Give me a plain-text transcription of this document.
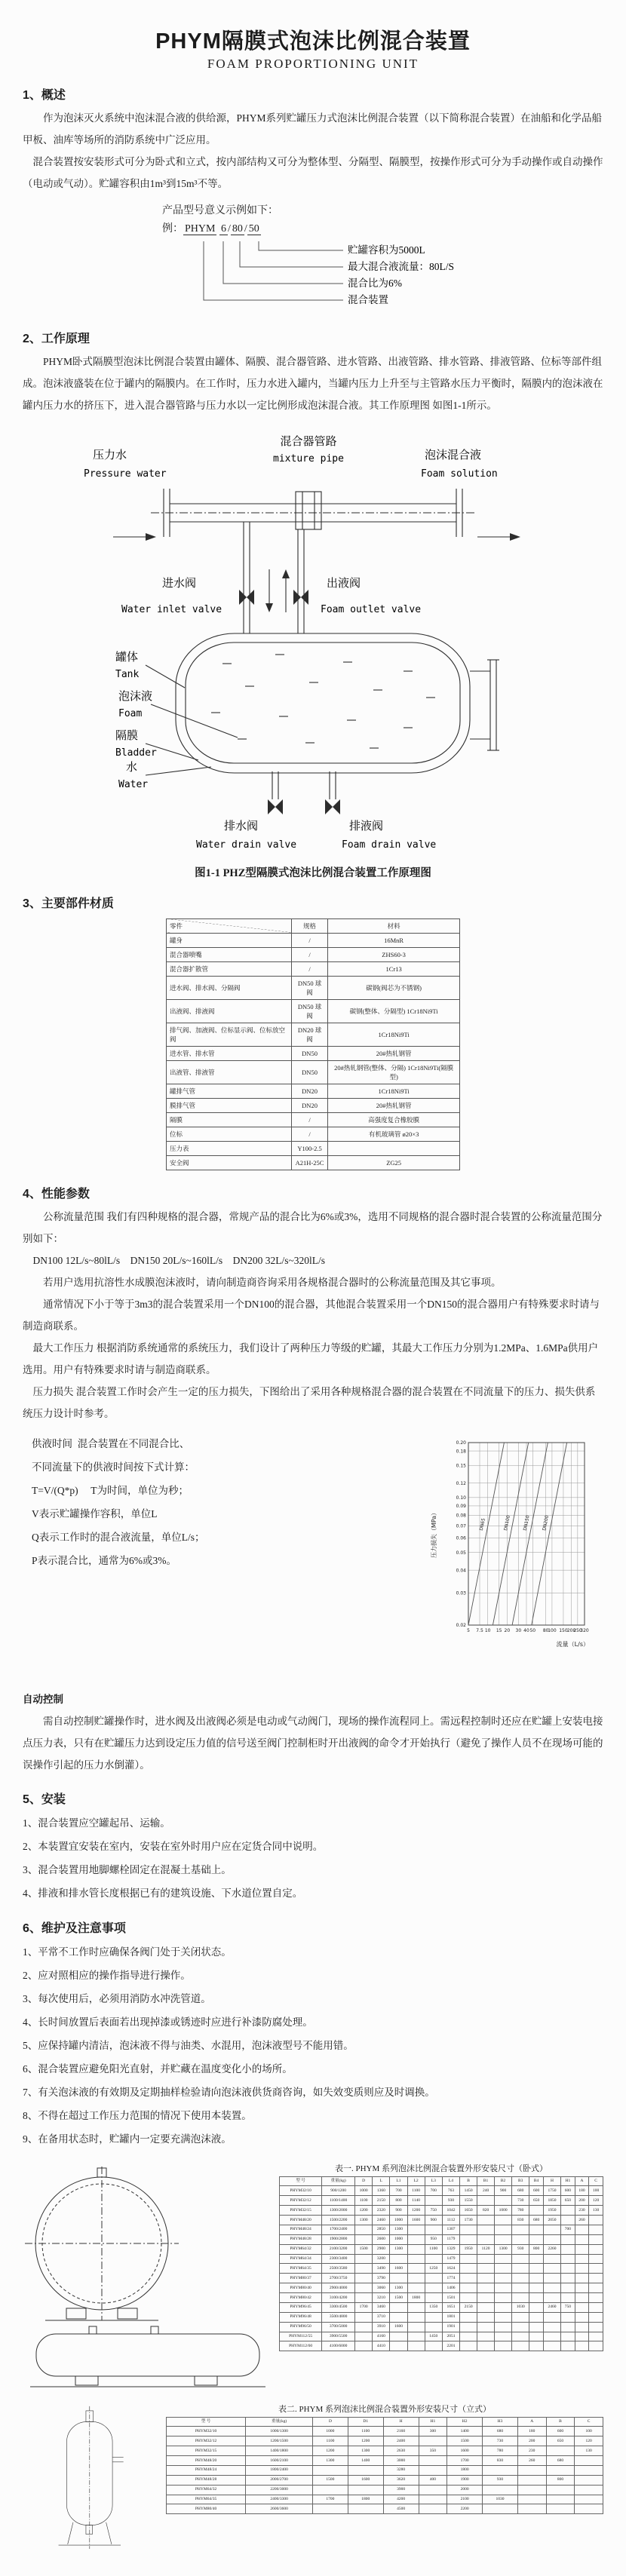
PHYM隔膜式泡沫比例混合装置
FOAM PROPORTIONING UNIT
1、概述

作为泡沫灭火系统中泡沫混合液的供给源，PHYM系列贮罐压力式泡沫比例混合装置（以下简称混合装置）在油船和化学品船甲板、油库等场所的消防系统中广泛应用。

混合装置按安装形式可分为卧式和立式，按内部结构又可分为整体型、分隔型、隔膜型，按操作形式可分为手动操作或自动操作（电动或气动）。贮罐容积由1m³到15m³不等。

产品型号意义示例如下：
例： PHYM 6 / 80 / 50
贮罐容积为5000L
最大混合液流量：80L/S
混合比为6%
混合装置
2、工作原理

PHYM卧式隔膜型泡沫比例混合装置由罐体、隔膜、混合器管路、进水管路、出液管路、排水管路、排液管路、位标等部件组成。泡沫液盛装在位于罐内的隔膜内。在工作时，压力水进入罐内，当罐内压力上升至与主管路水压力平衡时，隔膜内的泡沫液在罐内压力水的挤压下，进入混合器管路与压力水以一定比例形成泡沫混合液。其工作原理图 如图1-1所示。

混合器管路
mixture pipe
压力水
Pressure water
泡沫混合液
Foam solution
进水阀
Water inlet valve
出液阀
Foam outlet valve
罐体
Tank
泡沫液
Foam
隔膜
Bladder
水
Water
排水阀
Water drain valve
排液阀
Foam drain valve
图1-1 PHZ型隔膜式泡沫比例混合装置工作原理图
3、主要部件材质
零件	规格	材料
罐身	/	16MnR
混合器喷嘴	/	ZHS60-3
混合器扩散管	/	1Cr13
进水阀、排水阀、分隔阀	DN50 球阀	碳钢(阀芯为不锈钢)
出液阀、排液阀	DN50 球阀	碳钢(整体、分隔型) 1Cr18Ni9Ti
排气阀、加液阀、位标显示阀、位标放空阀	DN20 球阀	1Cr18Ni9Ti
进水管、排水管	DN50	20#热轧钢管
出液管、排液管	DN50	20#热轧钢管(整体、分隔) 1Cr18Ni9Ti(隔膜型)
罐排气管	DN20	1Cr18Ni9Ti
膜排气管	DN20	20#热轧钢管
隔膜	/	高强度复合橡胶膜
位标	/	有机玻璃管 ø20×3
压力表	Y100-2.5	
安全阀	A21H-25C	ZG25
4、性能参数

公称流量范围 我们有四种规格的混合器，常规产品的混合比为6%或3%，选用不同规格的混合器时混合装置的公称流量范围分别如下：

DN100 12L/s~80lL/s　DN150 20L/s~160lL/s　DN200 32L/s~320lL/s

若用户选用抗溶性水成膜泡沫液时，请向制造商咨询采用各规格混合器时的公称流量范围及其它事项。

通常情况下小于等于3m3的混合装置采用一个DN100的混合器，其他混合装置采用一个DN150的混合器用户有特殊要求时请与制造商联系。

最大工作压力 根据消防系统通常的系统压力，我们设计了两种压力等级的贮罐，其最大工作压力分别为1.2MPa、1.6MPa供用户选用。用户有特殊要求时请与制造商联系。

压力损失 混合装置工作时会产生一定的压力损失，下图给出了采用各种规格混合器的混合装置在不同流量下的压力、损失供系统压力设计时参考。

供液时间  混合装置在不同混合比、
不同流量下的供液时间按下式计算：
T=V/(Q*p)     T为时间，单位为秒；
V表示贮罐操作容积，单位L
Q表示工作时的混合液流量，单位L/s；
P表示混合比，通常为6%或3%。
0.20
0.18
0.15
0.12
0.10
0.09
0.08
0.07
0.06
0.05
0.04
0.03
0.02
5 7.5 10 15 20 30 40 50 80
100 150 200
250
320
DN65	DN100 DN150 DN200
压力损失（MPa）
流量（L/s）
自动控制

需自动控制贮罐操作时，进水阀及出液阀必须是电动或气动阀门，现场的操作流程同上。需远程控制时还应在贮罐上安装电接点压力表，只有在贮罐压力达到设定压力值的信号送至阀门控制柜时开出液阀的命令才开始执行（避免了操作人员不在现场可能的误操作引起的压力水倒灌）。

5、安装
1、混合装置应空罐起吊、运输。
2、本装置宜安装在室内，安装在室外时用户应在定货合同中说明。
3、混合装置用地脚螺栓固定在混凝土基础上。
4、排液和排水管长度根据已有的建筑设施、下水道位置自定。
6、维护及注意事项
1、平常不工作时应确保各阀门处于关闭状态。
2、应对照相应的操作指导进行操作。
3、每次使用后，必须用消防水冲洗管道。
4、长时间放置后表面若出现掉漆或锈迹时应进行补漆防腐处理。
5、应保持罐内清洁，泡沫液不得与油类、水混用，泡沫液型号不能用错。
6、混合装置应避免阳光直射，并贮藏在温度变化小的场所。
7、有关泡沫液的有效期及定期抽样检验请向泡沫液供货商咨询，如失效变质则应及时调换。
8、不得在超过工作压力范围的情况下使用本装置。
9、在备用状态时，贮罐内一定要充满泡沫液。
表一. PHYM 系列泡沫比例混合装置外形安装尺寸（卧式）
型 号	重量(kg)	D	L	L1	L2	L3	L4	B	B1	B2	B3	B4	H	H1	A	C
PHYM32/10	900/1200	1000	1360	700	1100	700	763	1450	240	900	680	600	1750	600	180	100
PHYM32/12	1100/1400	1100	2150	800	1140		930	1550			730	650	1850	650	200	120
PHYM32/15	1300/2000	1200	2320	900	1200	750	1042	1650	820	1000	780		1950		230	130
PHYM48/20	1500/2200	1300	2460	1000	1600	900	1112	1730			830	680	2050		260	
PHYM48/24	1700/2400		2850	1300			1307							700		
PHYM48/28	1900/2800		2600	1000		950	1179									
PHYM64/32	2100/3200	1500	2900	1300		1100	1329	1950	1120	1300	930	800	2260			
PHYM64/34	2300/3400		3200				1479									
PHYM64/35	2500/3580		3490	1600		1250	1624									
PHYM80/37	2700/3750		3790				1774									
PHYM80/40	2900/4000		3060	1300			1406									
PHYM80/42	3100/4200		3210	1500	1800		1501									
PHYM96/45	3300/4500	1700	3460			1350	1651	2150			1030		2460	750		
PHYM96/48	3500/4800		3710				1801									
PHYM96/50	3700/5000		3910	1600			1901									
PHYM112/55	3900/5500		4160			1450	2051									
PHYM112/60	4100/6000		4410				2201									
表二. PHYM 系列泡沫比例混合装置外形安装尺寸（立式）
型 号	重量(kg)	D	D1	H	H1	H2	H3	A	B	C
PHYM32/10	1000/1300	1000	1100	2160	300	1400	680	180	600	100
PHYM32/12	1200/1500	1100	1200	2400		1500	730	200	650	120
PHYM32/15	1400/1800	1200	1300	2630	350	1600	780	230		130
PHYM48/20	1600/2100	1300	1400	3000		1700	830	260	680	
PHYM48/24	1800/2400			3280		1800				
PHYM48/28	2000/2700	1500	1600	3620	400	1900	930		800	
PHYM64/32	2200/3000			3900		2000				
PHYM64/35	2400/3300	1700	1800	4200		2100	1030			
PHYM80/40	2600/3600			4500		2200				
